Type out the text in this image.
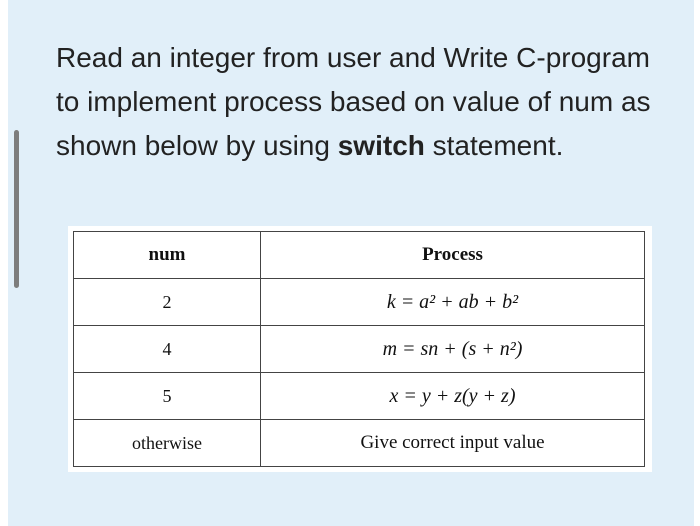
Read an integer from user and Write C-program to implement process based on value of num as shown below by using switch statement.

num	Process
2	k = a² + ab + b²
4	m = sn + (s + n²)
5	x = y + z(y + z)
otherwise	Give correct input value
